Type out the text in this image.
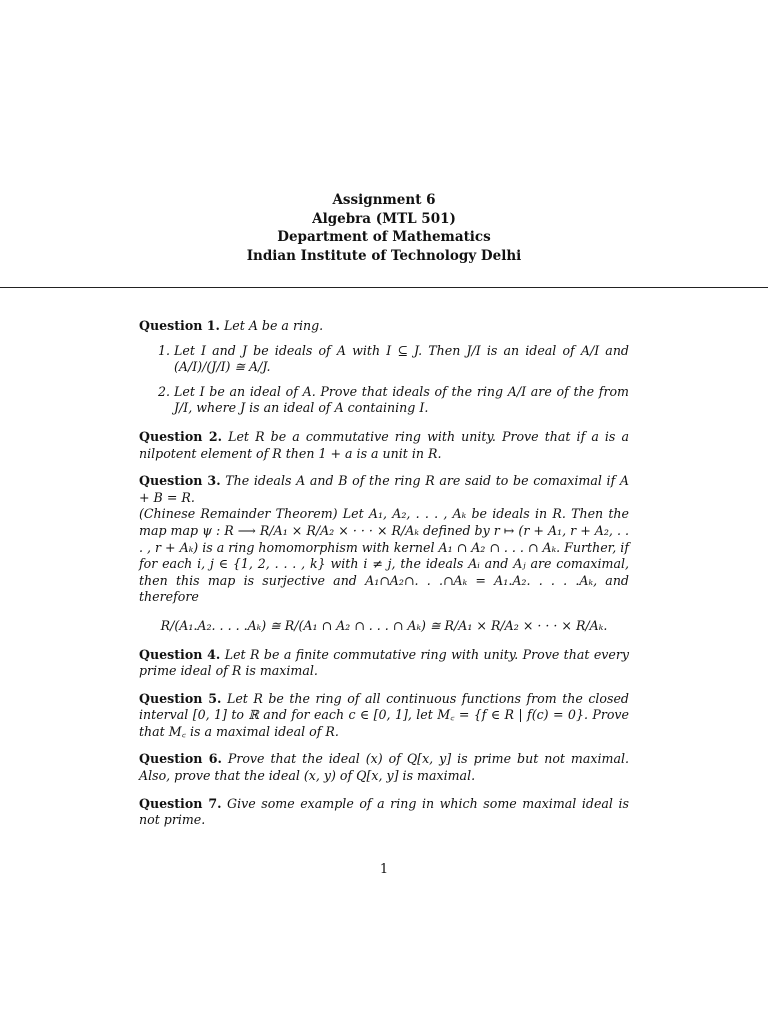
Assignment 6
Algebra (MTL 501)
Department of Mathematics
Indian Institute of Technology Delhi
Question 1. Let A be a ring.
1. Let I and J be ideals of A with I ⊆ J. Then J/I is an ideal of A/I and (A/I)/(J/I) ≅ A/J.
2. Let I be an ideal of A. Prove that ideals of the ring A/I are of the from J/I, where J is an ideal of A containing I.
Question 2. Let R be a commutative ring with unity. Prove that if a is a nilpotent element of R then 1 + a is a unit in R.
Question 3. The ideals A and B of the ring R are said to be comaximal if A + B = R.
(Chinese Remainder Theorem) Let A₁, A₂, . . . , Aₖ be ideals in R. Then the map map ψ : R ⟶ R/A₁ × R/A₂ × · · · × R/Aₖ defined by r ↦ (r + A₁, r + A₂, . . . , r + Aₖ) is a ring homomorphism with kernel A₁ ∩ A₂ ∩ . . . ∩ Aₖ. Further, if for each i, j ∈ {1, 2, . . . , k} with i ≠ j, the ideals Aᵢ and Aⱼ are comaximal, then this map is surjective and A₁∩A₂∩. . .∩Aₖ = A₁.A₂. . . . .Aₖ, and therefore
R/(A₁.A₂. . . . .Aₖ) ≅ R/(A₁ ∩ A₂ ∩ . . . ∩ Aₖ) ≅ R/A₁ × R/A₂ × · · · × R/Aₖ.
Question 4. Let R be a finite commutative ring with unity. Prove that every prime ideal of R is maximal.
Question 5. Let R be the ring of all continuous functions from the closed interval [0, 1] to ℝ and for each c ∈ [0, 1], let M꜀ = {f ∈ R | f(c) = 0}. Prove that M꜀ is a maximal ideal of R.
Question 6. Prove that the ideal (x) of Q[x, y] is prime but not maximal. Also, prove that the ideal (x, y) of Q[x, y] is maximal.
Question 7. Give some example of a ring in which some maximal ideal is not prime.
1
